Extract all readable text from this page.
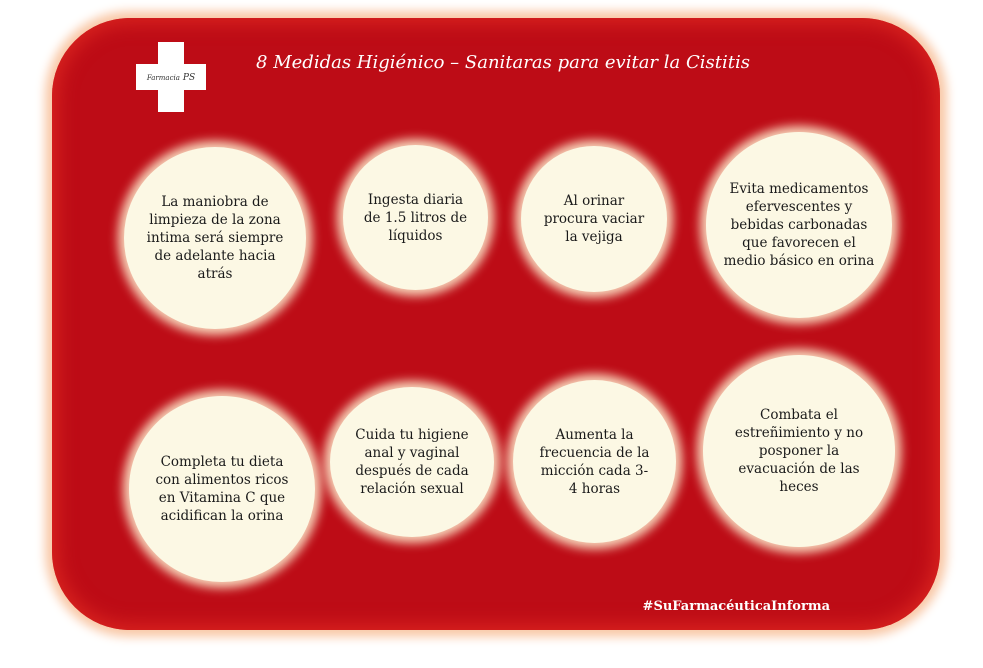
Farmacia PS
8 Medidas Higiénico – Sanitaras para evitar la Cistitis
La maniobra de limpieza de la zona intima será siempre de adelante hacia atrás
Ingesta diaria de 1.5 litros de líquidos
Al orinar procura vaciar la vejiga
Evita medicamentos efervescentes y bebidas carbonadas que favorecen el medio básico en orina
Completa tu dieta con alimentos ricos en Vitamina C que acidifican la orina
Cuida tu higiene anal y vaginal después de cada relación sexual
Aumenta la frecuencia de la micción cada 3-4 horas
Combata el estreñimiento y no posponer la evacuación de las heces
#SuFarmacéuticaInforma
